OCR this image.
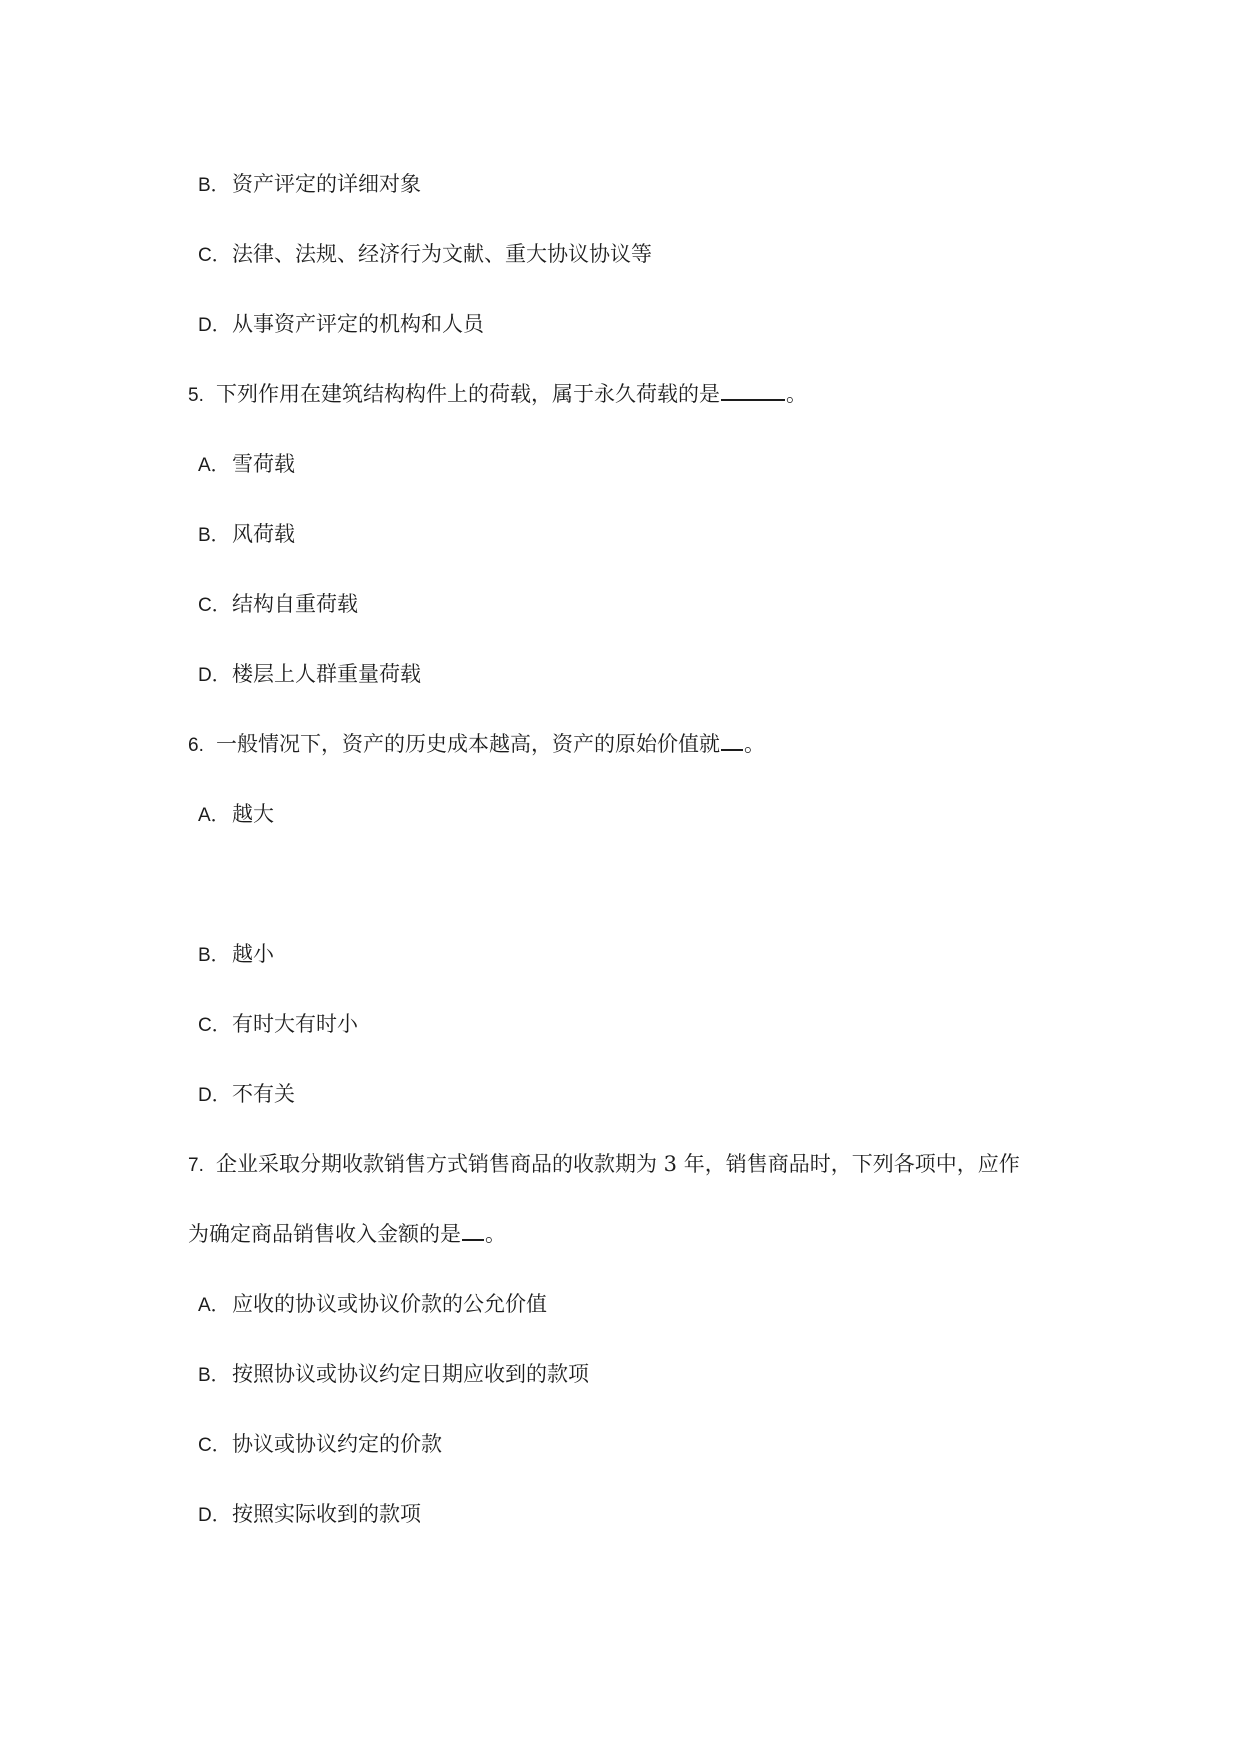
B． 资产评定的详细对象
C．法律、法规、经济行为文献、重大协议协议等
D．从事资产评定的机构和人员
5. 下列作用在建筑结构构件上的荷载，属于永久荷载的是	。
A． 雪荷载
B． 风荷载
C．结构自重荷载
D．楼层上人群重量荷载
6. 一般情况下，资产的历史成本越高，资产的原始价值就 。
A． 越大
B． 越小
C．有时大有时小
D．不有关
7. 企业采取分期收款销售方式销售商品的收款期为 3 年，销售商品时，下列各项中，应作
为确定商品销售收入金额的是 。
A． 应收的协议或协议价款的公允价值
B． 按照协议或协议约定日期应收到的款项
C．协议或协议约定的价款
D．按照实际收到的款项
